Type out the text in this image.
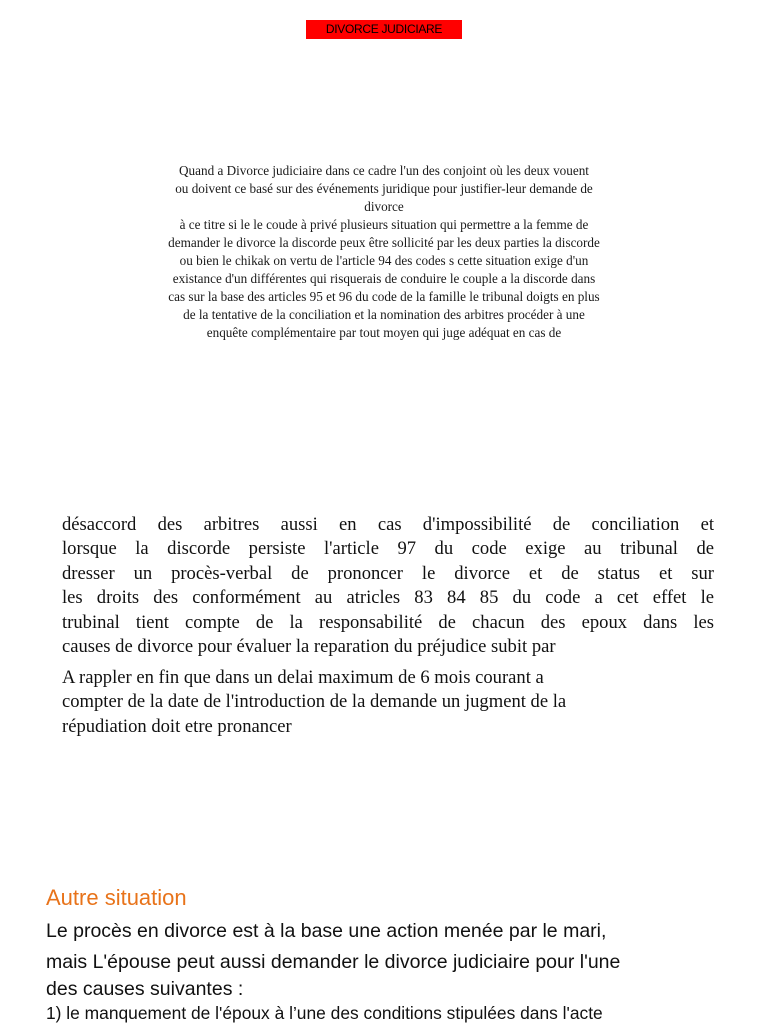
DIVORCE JUDICIARE
Quand a Divorce judiciaire dans ce cadre l'un des conjoint où les deux vouent
ou doivent ce basé sur des événements juridique pour justifier-leur demande de
divorce
à ce titre si le le coude à privé plusieurs situation qui permettre a la femme de
demander le divorce la discorde peux être sollicité par les deux parties la discorde
ou bien le chikak on vertu de l'article 94 des codes s cette situation exige d'un
existance d'un différentes qui risquerais de conduire le couple a la discorde dans
cas sur la base des articles 95 et 96 du code de la famille le tribunal doigts en plus
de la tentative de la conciliation et la nomination des arbitres procéder à une
enquête complémentaire par tout moyen qui juge adéquat en cas de
désaccord des arbitres aussi en cas d'impossibilité de conciliation et
lorsque la discorde persiste l'article 97 du code exige au tribunal de
dresser un procès-verbal de prononcer le divorce et de status et sur
les droits des conformément au atricles 83 84 85 du code a cet effet le
trubinal tient compte de la responsabilité de chacun des epoux dans les
causes de divorce pour évaluer la reparation du préjudice subit par
A rappler en fin que dans un delai maximum de 6 mois courant a
compter de la date de l'introduction de la demande un jugment de la
répudiation doit etre pronancer
Autre situation
Le procès en divorce est à la base une action menée par le mari,
mais L'épouse peut aussi demander le divorce judiciaire pour l'une
des causes suivantes :
1) le manquement de l'époux à l’une des conditions stipulées dans l'acte
